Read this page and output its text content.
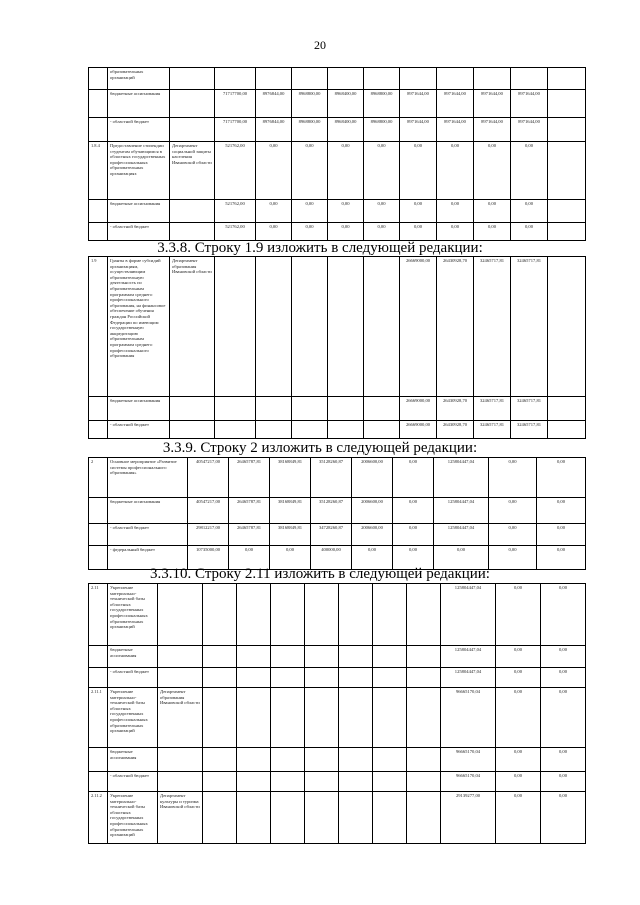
20
	образовательных организаций											
	бюджетные ассигнования		71717700,00	8976844,00	8968800,00	8968400,00	8968800,00	8971644,00	8971644,00	8971644,00	8971644,00	
	- областной бюджет		71717700,00	8976844,00	8968800,00	8968400,00	8968800,00	8971644,00	8971644,00	8971644,00	8971644,00	
1.8.4	Предоставление стипендии студентам обучающимся в областных государственных профессиональных образовательных организациях	Департамент социальной защиты населения Ивановской области	521762,00	0,00	0,00	0,00	0,00	0,00	0,00	0,00	0,00	
	бюджетные ассигнования		521762,00	0,00	0,00	0,00	0,00	0,00	0,00	0,00	0,00	
	- областной бюджет		521762,00	0,00	0,00	0,00	0,00	0,00	0,00	0,00	0,00	
3.3.8. Строку 1.9 изложить в следующей редакции:
1.9	Гранты в форме субсидий организациям, осуществляющим образовательную деятельность по образовательным программам среднего профессионального образования, на финансовое обеспечение обучения граждан Российской Федерации по имеющим государственную аккредитацию образовательным программам среднего профессионального образования	Департамент образования Ивановской области						26669000,00	26430928,70	32465717,81	32465717,81	
	бюджетные ассигнования							26669000,00	26430928,70	32465717,81	32465717,81	
	- областной бюджет							26669000,00	26430928,70	32465717,81	32465717,81	
3.3.9. Строку 2 изложить в следующей редакции:
2	Основное мероприятие «Развитие системы профессионального образования»	40547217,00	26465787,81	38168849,81	35128260,87	2006600,00	0,00	125804447,04	0,00	0,00
	бюджетные ассигнования	40547217,00	26465787,81	38168849,81	35128260,87	2006600,00	0,00	125804447,04	0,00	0,00
	- областной бюджет	29812217,00	26465787,81	38168849,81	34728260,87	2006600,00	0,00	125804447,04	0,00	0,00
	- федеральный бюджет	10735000,00	0,00	0,00	400000,00	0,00	0,00	0,00	0,00	0,00
3.3.10. Строку 2.11 изложить в следующей редакции:
2.11	Укрепление материально-технической базы областных государственных профессиональных образовательных организаций									125804447,04	0,00	0,00
	бюджетные ассигнования									125804447,04	0,00	0,00
	- областной бюджет									125804447,04	0,00	0,00
2.11.1	Укрепление материально-технической базы областных государственных профессиональных образовательных организаций	Департамент образования Ивановской области								96665170,04	0,00	0,00
	бюджетные ассигнования									96665170,04	0,00	0,00
	- областной бюджет									96665170,04	0,00	0,00
2.11.2	Укрепление материально-технической базы областных государственных профессиональных образовательных организаций	Департамент культуры и туризма Ивановской области								29139277,00	0,00	0,00
